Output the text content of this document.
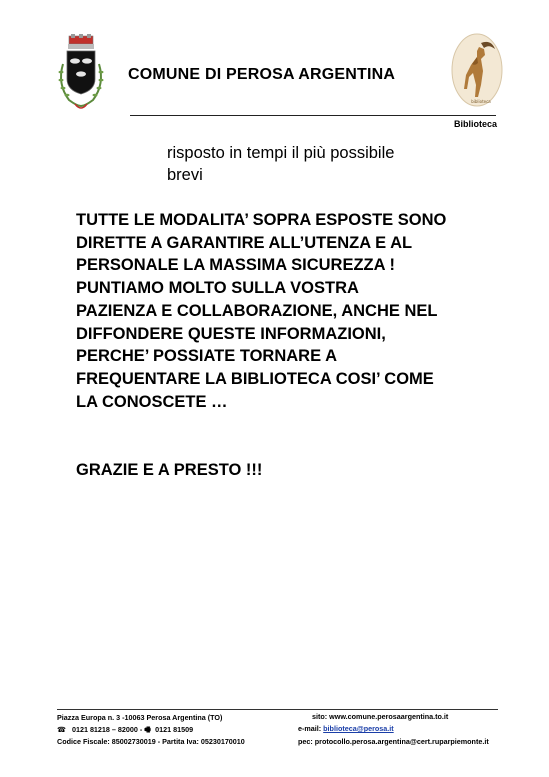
COMUNE DI PEROSA ARGENTINA
biblioteca
Biblioteca
risposto in tempi il più possibile
brevi

TUTTE LE MODALITA’ SOPRA ESPOSTE SONO

DIRETTE A GARANTIRE ALL’UTENZA E AL

PERSONALE LA MASSIMA SICUREZZA !

PUNTIAMO MOLTO SULLA VOSTRA

PAZIENZA E COLLABORAZIONE, ANCHE NEL

DIFFONDERE QUESTE INFORMAZIONI,

PERCHE’ POSSIATE TORNARE A

FREQUENTARE LA BIBLIOTECA COSI’ COME

LA CONOSCETE …

GRAZIE E A PRESTO !!!
Piazza Europa n. 3 -10063 Perosa Argentina (TO)
☎ 0121 81218 – 82000 - 🖷 0121 81509
Codice Fiscale: 85002730019 - Partita Iva: 05230170010
sito: www.comune.perosaargentina.to.it
e-mail: biblioteca@perosa.it
pec: protocollo.perosa.argentina@cert.ruparpiemonte.it
